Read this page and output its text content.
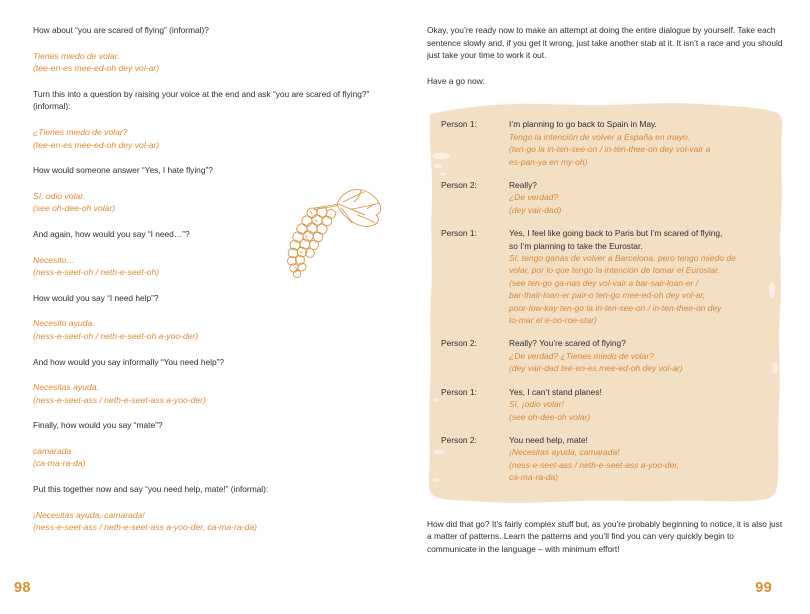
How about “you are scared of flying” (informal)?

Tienes miedo de volar.
(tee-en-es mee-ed-oh dey vol-ar)

Turn this into a question by raising your voice at the end and ask “you are scared of flying?” (informal):

¿Tienes miedo de volar?
(tee-en-es mee-ed-oh dey vol-ar)

How would someone answer “Yes, I hate flying”?

Sí, odio volar.
(see oh-dee-oh volar)

And again, how would you say “I need…”?

Necesito…
(ness-e-seet-oh / neth-e-seet-oh)

How would you say “I need help”?

Necesito ayuda.
(ness-e-seet-oh / neth-e-seet-oh a-yoo-der)

And how would you say informally “You need help”?

Necesitas ayuda.
(ness-e-seet-ass / neth-e-seet-ass a-yoo-der)

Finally, how would you say “mate”?

camarada
(ca-ma-ra-da)

Put this together now and say “you need help, mate!” (informal):

¡Necesitas ayuda, camarada!
(ness-e-seet-ass / neth-e-seet-ass a-yoo-der, ca-ma-ra-da)
98

Okay, you’re ready now to make an attempt at doing the entire dialogue by yourself. Take each sentence slowly and, if you get it wrong, just take another stab at it. It isn’t a race and you should just take your time to work it out.

Have a go now:

Person 1:	I’m planning to go back to Spain in May.

Tengo la intención de volver a España en mayo.

(ten-go la in-ten-see-on / in-ten-thee-on dey vol-vair a

es-pan-ya en my-oh)

Person 2:	Really?

¿De verdad?

(dey vair-dad)

Person 1:	Yes, I feel like going back to Paris but I’m scared of flying,

so I’m planning to take the Eurostar.

Sí, tengo ganas de volver a Barcelona, pero tengo miedo de

volar, por lo que tengo la intención de tomar el Eurostar.

(see ten-go ga-nas dey vol-vair a bar-sair-loan-er /

bar-thair-loan-er pair-o ten-go mee-ed-oh dey vol-ar,

poor-low-kay ten-go la in-ten-see-on / in-ten-thee-on dey

to-mar el e-oo-roe-star)

Person 2:	Really? You’re scared of flying?

¿De verdad? ¿Tienes miedo de volar?

(dey vair-dad tee-en-es mee-ed-oh dey vol-ar)

Person 1:	Yes, I can’t stand planes!

Sí, ¡odio volar!

(see oh-dee-oh volar)

Person 2:	You need help, mate!

¡Necesitas ayuda, camarada!

(ness-e-seet-ass / neth-e-seet-ass a-yoo-der,

ca-ma-ra-da)

How did that go? It’s fairly complex stuff but, as you’re probably beginning to notice, it is also just a matter of patterns. Learn the patterns and you’ll find you can very quickly begin to communicate in the language – with minimum effort!

99
